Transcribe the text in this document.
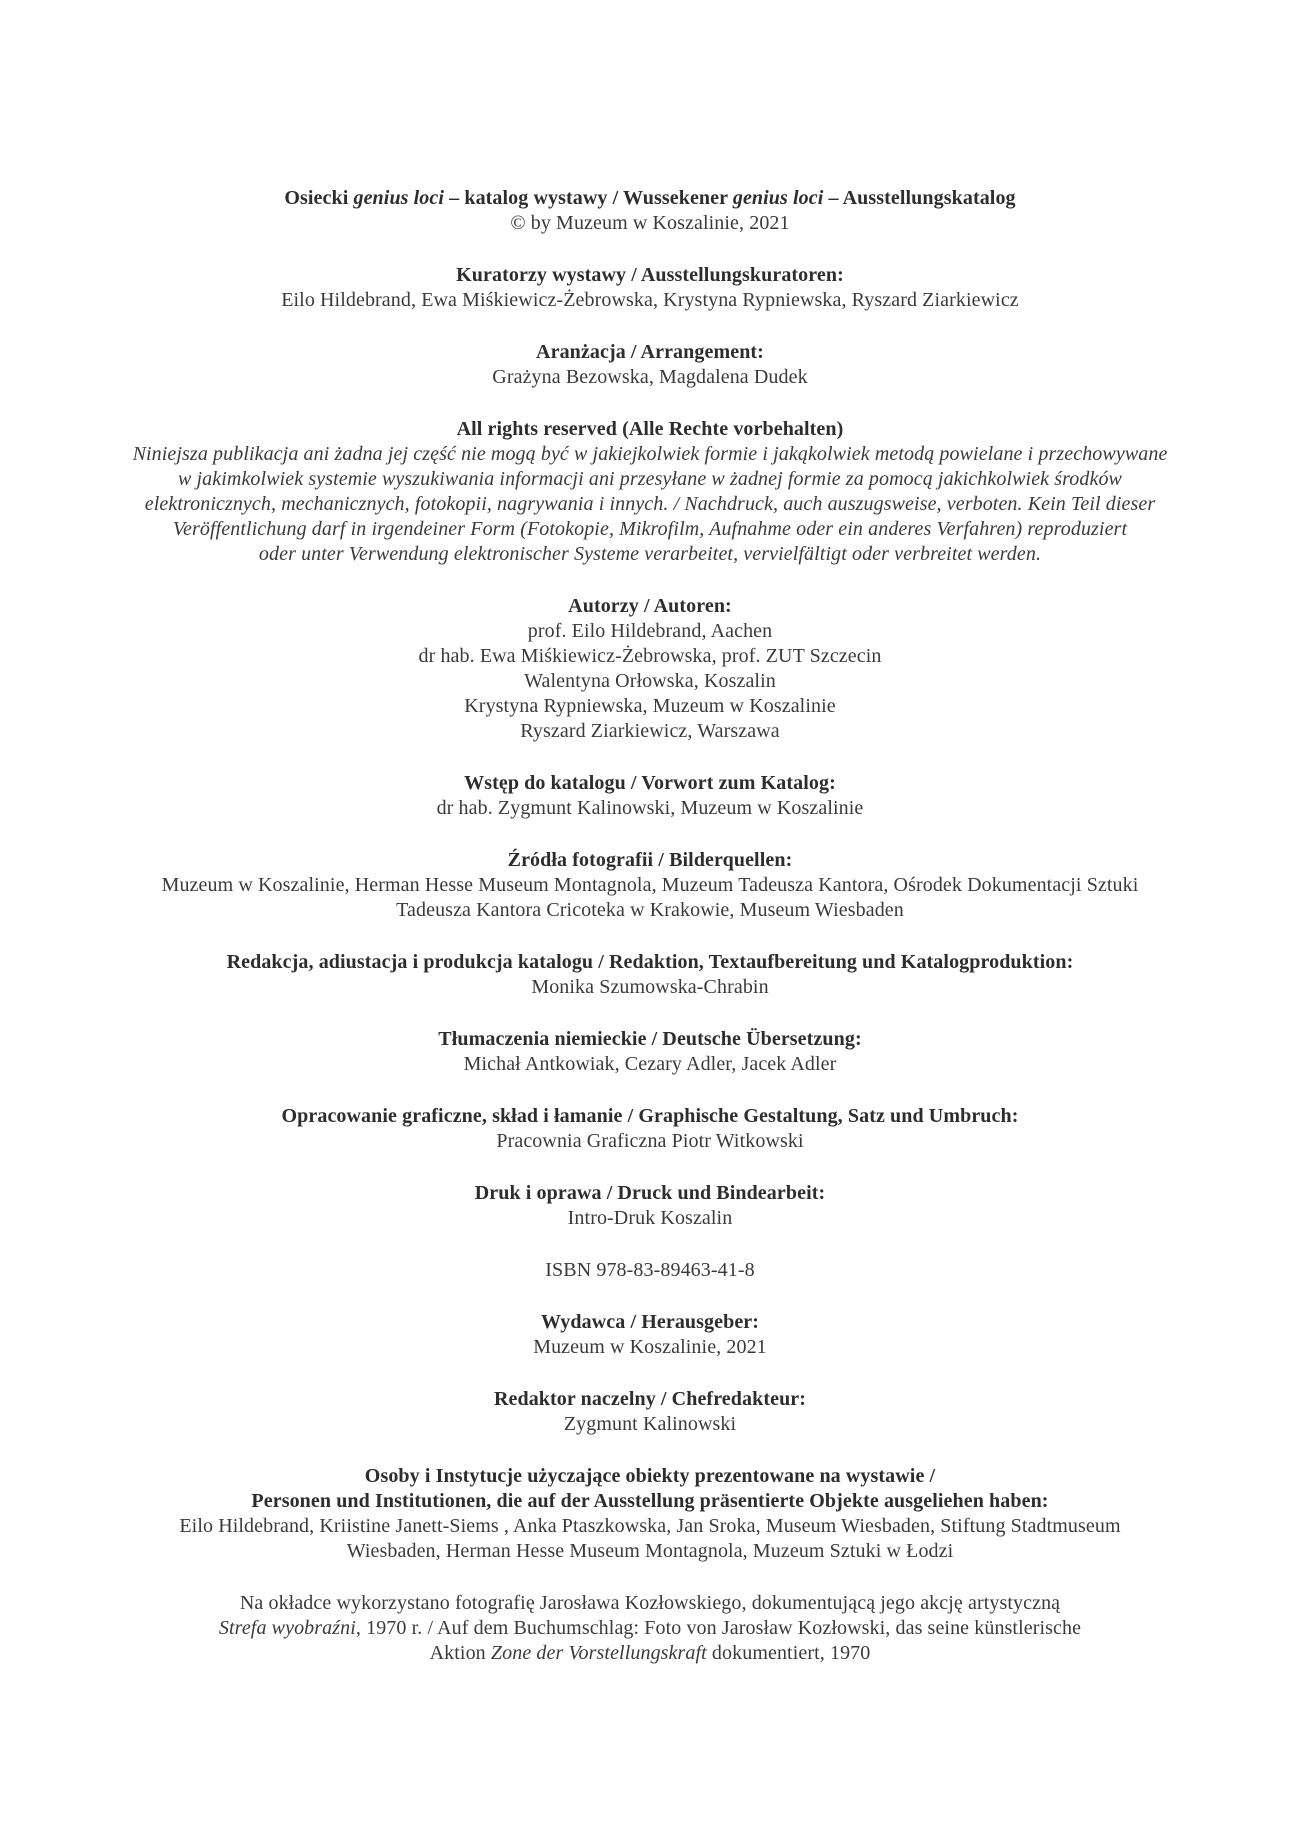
Osiecki genius loci – katalog wystawy / Wussekener genius loci – Ausstellungskatalog
© by Muzeum w Koszalinie, 2021
Kuratorzy wystawy / Ausstellungskuratoren:
Eilo Hildebrand, Ewa Miśkiewicz-Żebrowska, Krystyna Rypniewska, Ryszard Ziarkiewicz
Aranżacja / Arrangement:
Grażyna Bezowska, Magdalena Dudek
All rights reserved (Alle Rechte vorbehalten)
Niniejsza publikacja ani żadna jej część nie mogą być w jakiejkolwiek formie i jakąkolwiek metodą powielane i przechowywane
w jakimkolwiek systemie wyszukiwania informacji ani przesyłane w żadnej formie za pomocą jakichkolwiek środków
elektronicznych, mechanicznych, fotokopii, nagrywania i innych. / Nachdruck, auch auszugsweise, verboten. Kein Teil dieser
Veröffentlichung darf in irgendeiner Form (Fotokopie, Mikrofilm, Aufnahme oder ein anderes Verfahren) reproduziert
oder unter Verwendung elektronischer Systeme verarbeitet, vervielfältigt oder verbreitet werden.
Autorzy / Autoren:
prof. Eilo Hildebrand, Aachen
dr hab. Ewa Miśkiewicz-Żebrowska, prof. ZUT Szczecin
Walentyna Orłowska, Koszalin
Krystyna Rypniewska, Muzeum w Koszalinie
Ryszard Ziarkiewicz, Warszawa
Wstęp do katalogu / Vorwort zum Katalog:
dr hab. Zygmunt Kalinowski, Muzeum w Koszalinie
Źródła fotografii / Bilderquellen:
Muzeum w Koszalinie, Herman Hesse Museum Montagnola, Muzeum Tadeusza Kantora, Ośrodek Dokumentacji Sztuki
Tadeusza Kantora Cricoteka w Krakowie, Museum Wiesbaden
Redakcja, adiustacja i produkcja katalogu / Redaktion, Textaufbereitung und Katalogproduktion:
Monika Szumowska-Chrabin
Tłumaczenia niemieckie / Deutsche Übersetzung:
Michał Antkowiak, Cezary Adler, Jacek Adler
Opracowanie graficzne, skład i łamanie / Graphische Gestaltung, Satz und Umbruch:
Pracownia Graficzna Piotr Witkowski
Druk i oprawa / Druck und Bindearbeit:
Intro-Druk Koszalin
ISBN 978-83-89463-41-8
Wydawca / Herausgeber:
Muzeum w Koszalinie, 2021
Redaktor naczelny / Chefredakteur:
Zygmunt Kalinowski
Osoby i Instytucje użyczające obiekty prezentowane na wystawie /
Personen und Institutionen, die auf der Ausstellung präsentierte Objekte ausgeliehen haben:
Eilo Hildebrand, Kriistine Janett-Siems , Anka Ptaszkowska, Jan Sroka, Museum Wiesbaden, Stiftung Stadtmuseum
Wiesbaden, Herman Hesse Museum Montagnola, Muzeum Sztuki w Łodzi
Na okładce wykorzystano fotografię Jarosława Kozłowskiego, dokumentującą jego akcję artystyczną
Strefa wyobraźni, 1970 r. / Auf dem Buchumschlag: Foto von Jarosław Kozłowski, das seine künstlerische
Aktion Zone der Vorstellungskraft dokumentiert, 1970
